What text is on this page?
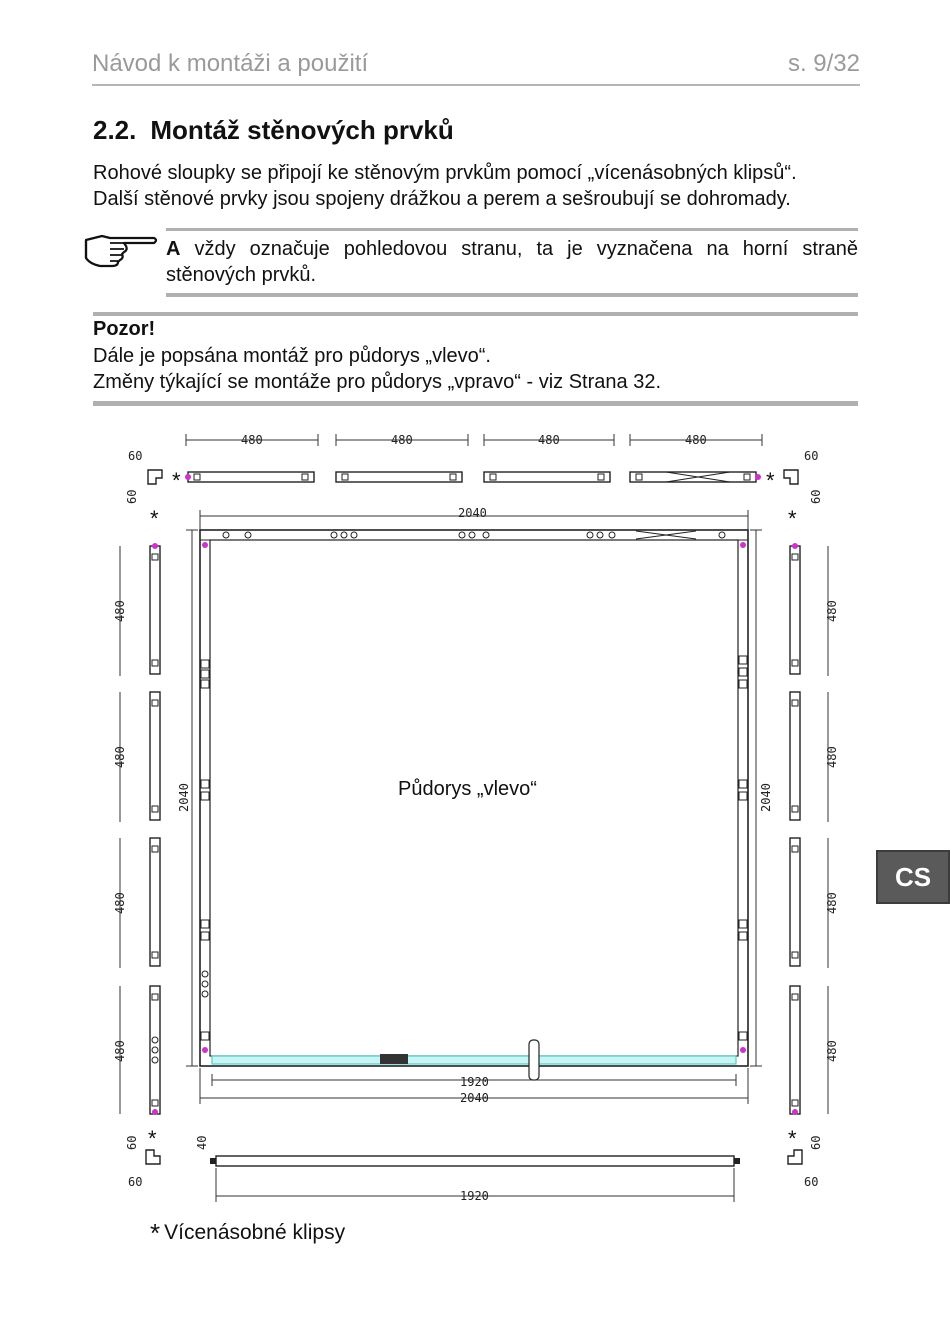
Návod k montáži a použití	s. 9/32
2.2. Montáž stěnových prvků
Rohové sloupky se připojí ke stěnovým prvkům pomocí „vícenásobných klipsů“.
Další stěnové prvky jsou spojeny drážkou a perem a sešroubují se dohromady.
A vždy označuje pohledovou stranu, ta je vyznačena na horní straně stěnových prvků.
Pozor!
Dále je popsána montáž pro půdorys „vlevo“.
Změny týkající se montáže pro půdorys „vpravo“ - viz Strana 32.
480	480	480	480
60	60
60	60
*	*
*	*
2040
2040	2040
1920
2040
480
480
480
480
480
480
480
480
*	*
60	60
60	60
40
1920
Půdorys „vlevo“
* Vícenásobné klipsy
CS
